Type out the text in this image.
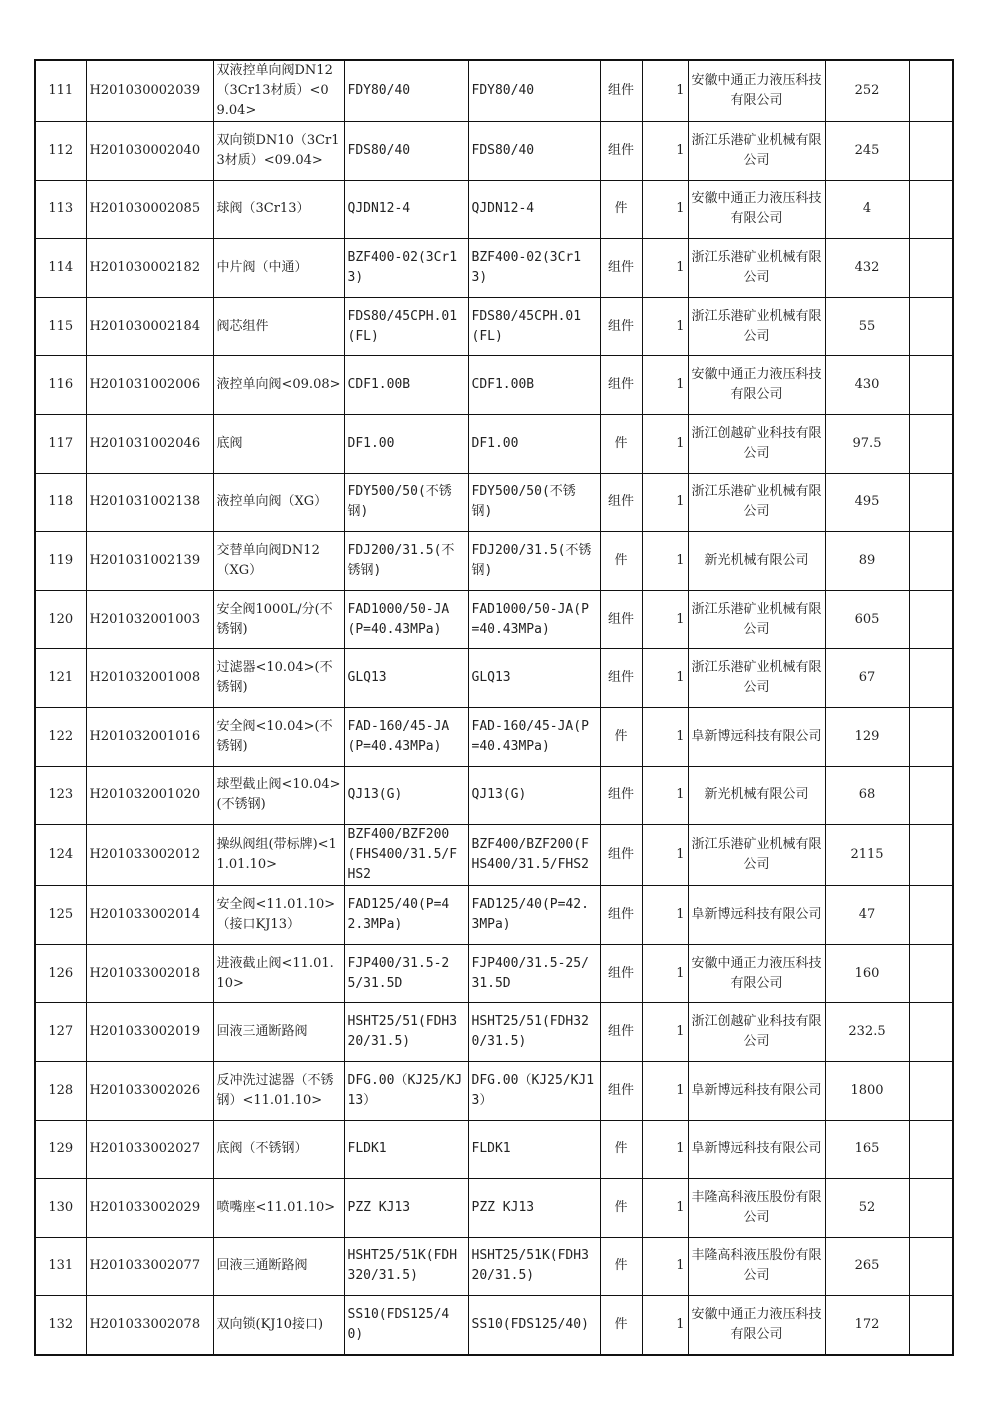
111	H201030002039	双液控单向阀DN12（3Cr13材质）<09.04>	FDY80/40	FDY80/40	组件	1	安徽中通正力液压科技有限公司	252	
112	H201030002040	双向锁DN10（3Cr13材质）<09.04>	FDS80/40	FDS80/40	组件	1	浙江乐港矿业机械有限公司	245	
113	H201030002085	球阀（3Cr13）	QJDN12-4	QJDN12-4	件	1	安徽中通正力液压科技有限公司	4	
114	H201030002182	中片阀（中通）	BZF400-02(3Cr13)	BZF400-02(3Cr13)	组件	1	浙江乐港矿业机械有限公司	432	
115	H201030002184	阀芯组件	FDS80/45CPH.01(FL)	FDS80/45CPH.01(FL)	组件	1	浙江乐港矿业机械有限公司	55	
116	H201031002006	液控单向阀<09.08>	CDF1.00B	CDF1.00B	组件	1	安徽中通正力液压科技有限公司	430	
117	H201031002046	底阀	DF1.00	DF1.00	件	1	浙江创越矿业科技有限公司	97.5	
118	H201031002138	液控单向阀（XG）	FDY500/50(不锈钢)	FDY500/50(不锈钢)	组件	1	浙江乐港矿业机械有限公司	495	
119	H201031002139	交替单向阀DN12（XG）	FDJ200/31.5(不锈钢)	FDJ200/31.5(不锈钢)	件	1	新光机械有限公司	89	
120	H201032001003	安全阀1000L/分(不锈钢)	FAD1000/50-JA(P=40.43MPa)	FAD1000/50-JA(P=40.43MPa)	组件	1	浙江乐港矿业机械有限公司	605	
121	H201032001008	过滤器<10.04>(不锈钢)	GLQ13	GLQ13	组件	1	浙江乐港矿业机械有限公司	67	
122	H201032001016	安全阀<10.04>(不锈钢)	FAD-160/45-JA(P=40.43MPa)	FAD-160/45-JA(P=40.43MPa)	件	1	阜新博远科技有限公司	129	
123	H201032001020	球型截止阀<10.04>(不锈钢)	QJ13(G)	QJ13(G)	组件	1	新光机械有限公司	68	
124	H201033002012	操纵阀组(带标牌)<11.01.10>	BZF400/BZF200(FHS400/31.5/FHS2	BZF400/BZF200(FHS400/31.5/FHS2	组件	1	浙江乐港矿业机械有限公司	2115	
125	H201033002014	安全阀<11.01.10>（接口KJ13）	FAD125/40(P=42.3MPa)	FAD125/40(P=42.3MPa)	组件	1	阜新博远科技有限公司	47	
126	H201033002018	进液截止阀<11.01.10>	FJP400/31.5-25/31.5D	FJP400/31.5-25/31.5D	组件	1	安徽中通正力液压科技有限公司	160	
127	H201033002019	回液三通断路阀	HSHT25/51(FDH320/31.5)	HSHT25/51(FDH320/31.5)	组件	1	浙江创越矿业科技有限公司	232.5	
128	H201033002026	反冲洗过滤器（不锈钢）<11.01.10>	DFG.00（KJ25/KJ13）	DFG.00（KJ25/KJ13）	组件	1	阜新博远科技有限公司	1800	
129	H201033002027	底阀（不锈钢）	FLDK1	FLDK1	件	1	阜新博远科技有限公司	165	
130	H201033002029	喷嘴座<11.01.10>	PZZ KJ13	PZZ KJ13	件	1	丰隆高科液压股份有限公司	52	
131	H201033002077	回液三通断路阀	HSHT25/51K(FDH320/31.5)	HSHT25/51K(FDH320/31.5)	件	1	丰隆高科液压股份有限公司	265	
132	H201033002078	双向锁(KJ10接口)	SS10(FDS125/40)	SS10(FDS125/40)	件	1	安徽中通正力液压科技有限公司	172	
